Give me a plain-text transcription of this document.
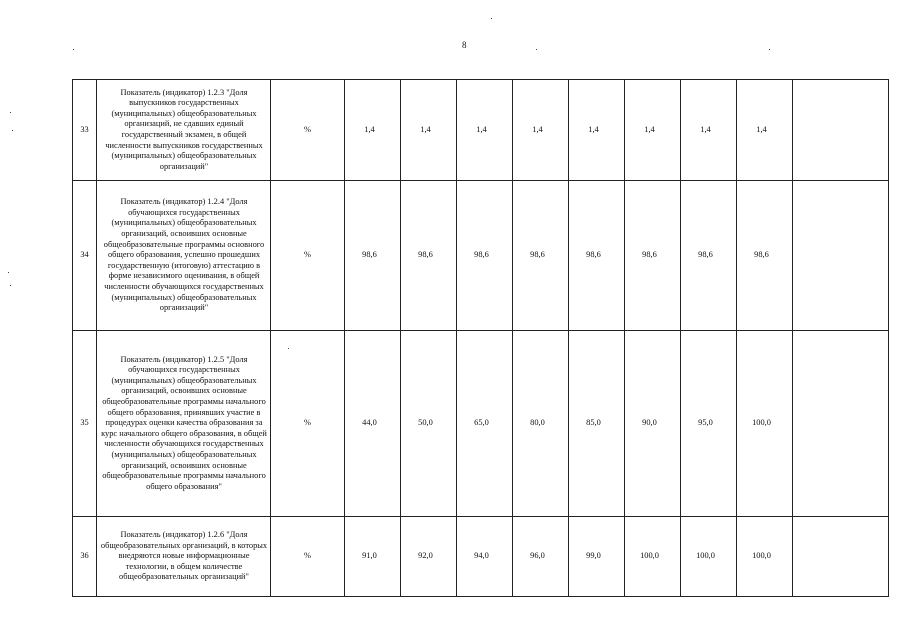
8
33	Показатель (индикатор) 1.2.3 "Доля выпускников государственных (муниципальных) общеобразовательных организаций, не сдавших единый государственный экзамен, в общей численности выпускников государственных (муниципальных) общеобразовательных организаций"	%	1,4	1,4	1,4	1,4	1,4	1,4	1,4	1,4	
34	Показатель (индикатор) 1.2.4 "Доля обучающихся государственных (муниципальных) общеобразовательных организаций, освоивших основные общеобразовательные программы основного общего образования, успешно прошедших государственную (итоговую) аттестацию в форме независимого оценивания, в общей численности обучающихся государственных (муниципальных) общеобразовательных организаций"	%	98,6	98,6	98,6	98,6	98,6	98,6	98,6	98,6	
35	Показатель (индикатор) 1.2.5 "Доля обучающихся государственных (муниципальных) общеобразовательных организаций, освоивших основные общеобразовательные программы начального общего образования, принявших участие в процедурах оценки качества образования за курс начального общего образования, в общей численности обучающихся государственных (муниципальных) общеобразовательных организаций, освоивших основные общеобразовательные программы начального общего образования"	%	44,0	50,0	65,0	80,0	85,0	90,0	95,0	100,0	
36	Показатель (индикатор) 1.2.6 "Доля общеобразовательных организаций, в которых внедряются новые информационные технологии, в общем количестве общеобразовательных организаций"	%	91,0	92,0	94,0	96,0	99,0	100,0	100,0	100,0	
